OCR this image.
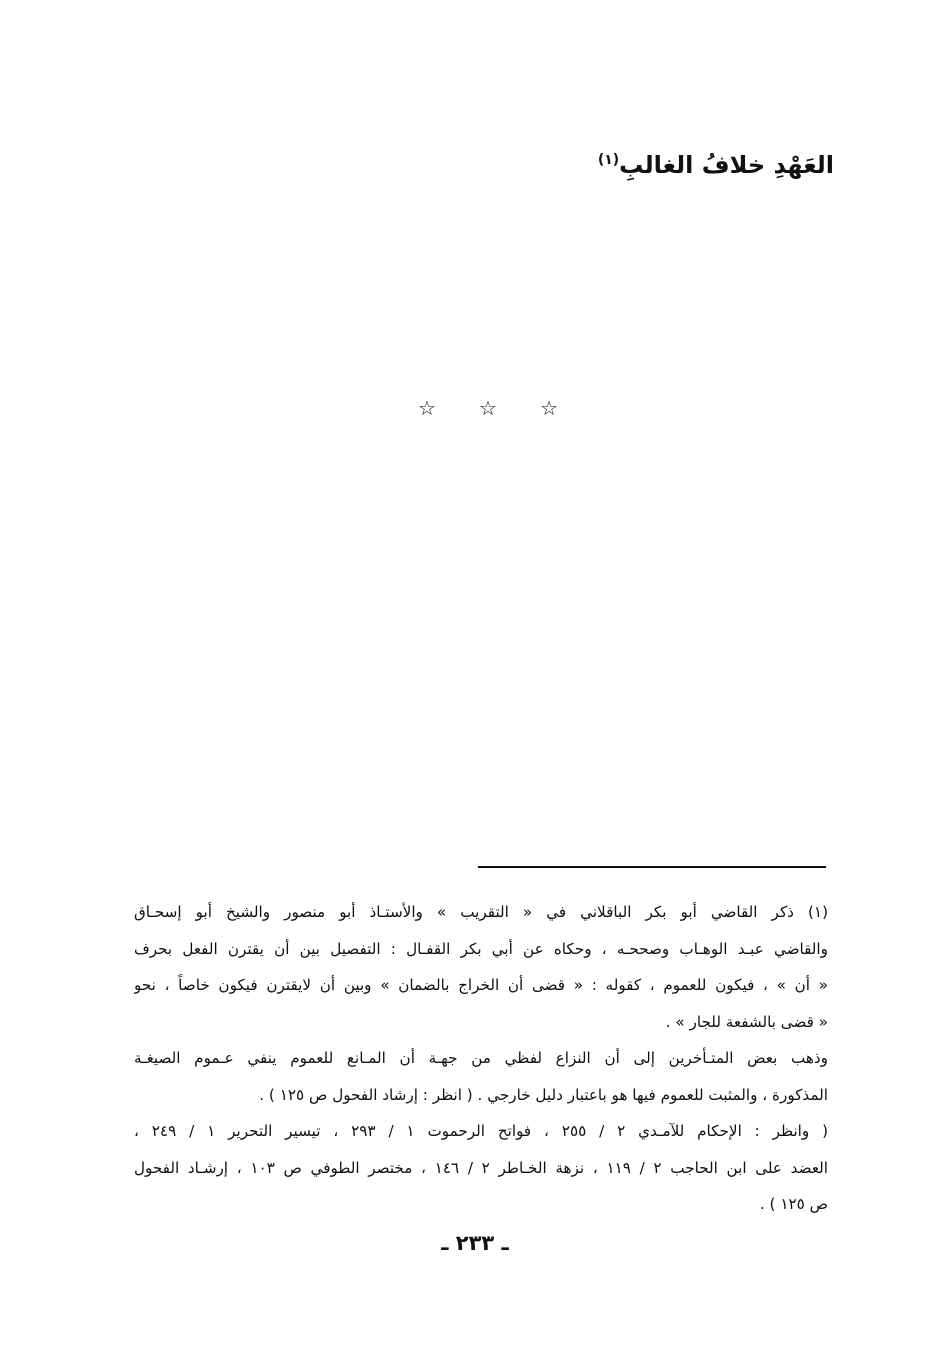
العَهْدِ خلافُ الغالبِ$^{(١)}$
☆ ☆ ☆
(١) ذكر القاضي أبو بكر الباقلاني في « التقريب » والأستـاذ أبو منصور والشيخ أبو إسحـاق
والقاضي عبـد الوهـاب وصححـه ، وحكاه عن أبي بكر القفـال : التفصيل بين أن يقترن الفعل بحرف
« أن » ، فيكون للعموم ، كقوله : « قضى أن الخراج بالضمان » وبين أن لايقترن فيكون خاصاً ، نحو
« قضى بالشفعة للجار » .
وذهب بعض المتـأخرين إلى أن النزاع لفظي من جهـة أن المـانع للعموم ينفي عـموم الصيغـة
المذكورة ، والمثبت للعموم فيها هو باعتبار دليل خارجي . ( انظر : إرشاد الفحول ص ١٢٥ ) .
( وانظر : الإحكام للآمـدي ٢ / ٢٥٥ ، فواتح الرحموت ١ / ٢٩٣ ، تيسير التحرير ١ / ٢٤٩ ،
العضد على ابن الحاجب ٢ / ١١٩ ، نزهة الخـاطر ٢ / ١٤٦ ، مختصر الطوفي ص ١٠٣ ، إرشـاد الفحول
ص ١٢٥ ) .
ـ ٢٣٣ ـ
